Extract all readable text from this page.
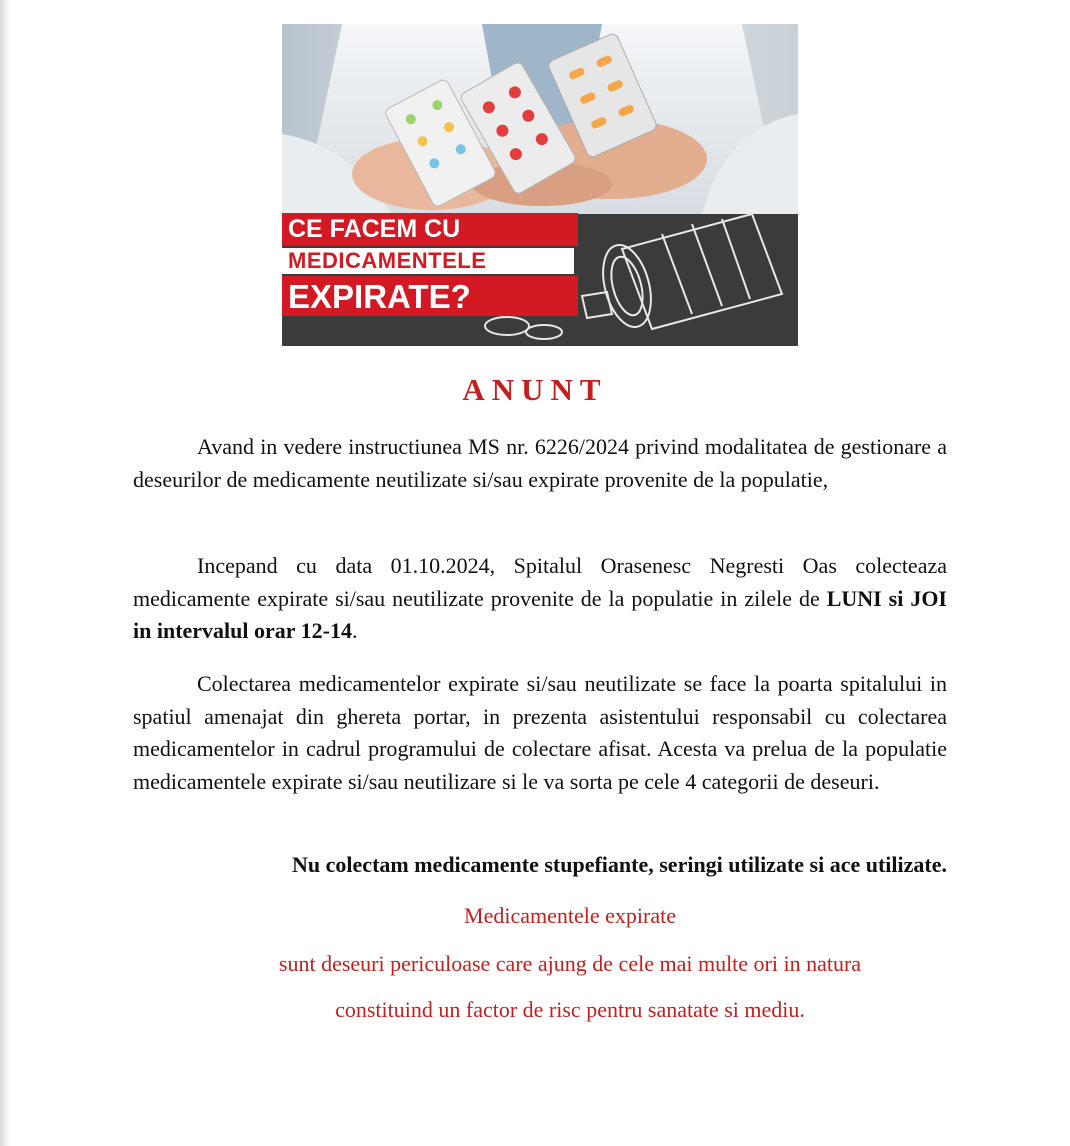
CE FACEM CU
MEDICAMENTELE
EXPIRATE?
ANUNT
Avand in vedere instructiunea MS nr. 6226/2024 privind modalitatea de gestionare a deseurilor de medicamente neutilizate si/sau expirate provenite de la populatie,
Incepand cu data 01.10.2024, Spitalul Orasenesc Negresti Oas colecteaza medicamente expirate si/sau neutilizate provenite de la populatie in zilele de LUNI si JOI in intervalul orar 12-14.
Colectarea medicamentelor expirate si/sau neutilizate se face la poarta spitalului in spatiul amenajat din ghereta portar, in prezenta asistentului responsabil cu colectarea medicamentelor in cadrul programului de colectare afisat. Acesta va prelua de la populatie medicamentele expirate si/sau neutilizare si le va sorta pe cele 4 categorii de deseuri.
Nu colectam medicamente stupefiante, seringi utilizate si ace utilizate.
Medicamentele expirate
sunt deseuri periculoase care ajung de cele mai multe ori in natura
constituind un factor de risc pentru sanatate si mediu.
